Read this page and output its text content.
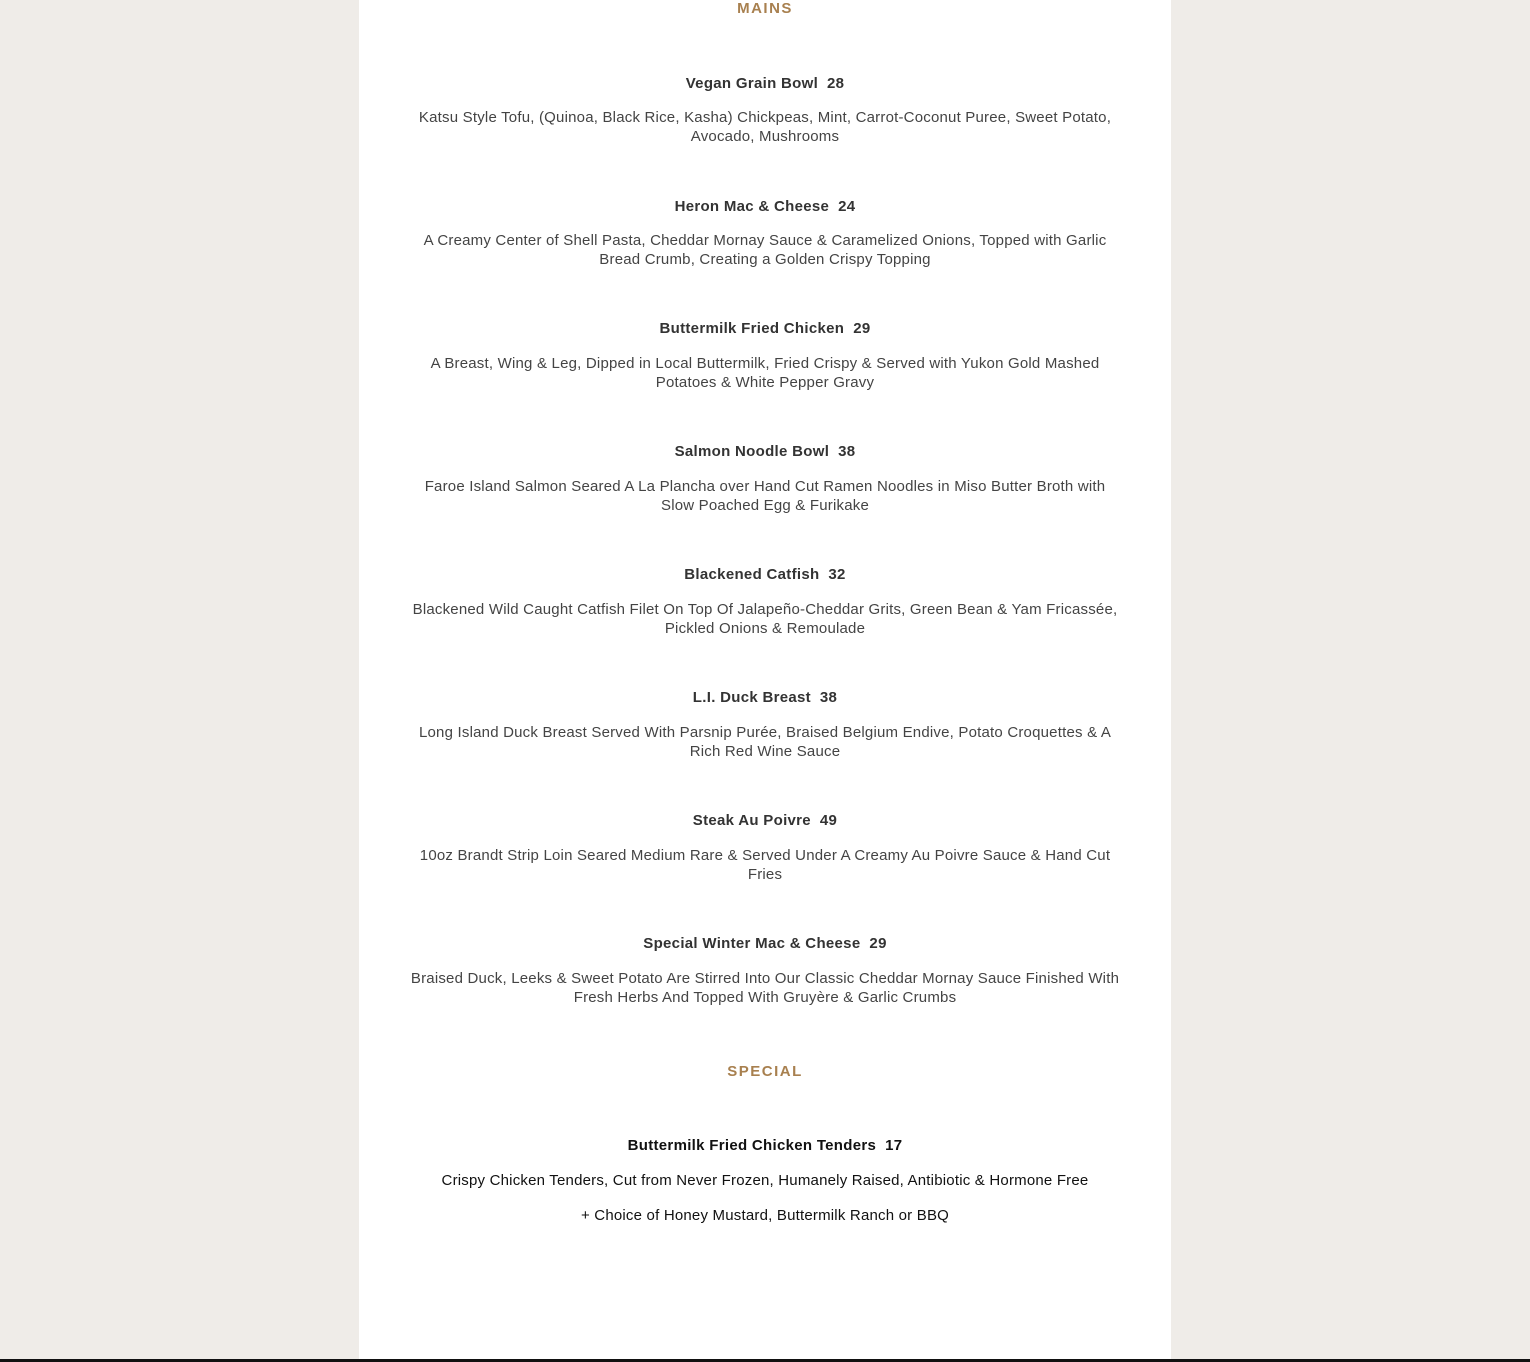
MAINS

Vegan Grain Bowl 28

Katsu Style Tofu, (Quinoa, Black Rice, Kasha) Chickpeas, Mint, Carrot-Coconut Puree, Sweet Potato, Avocado, Mushrooms

Heron Mac & Cheese 24

A Creamy Center of Shell Pasta, Cheddar Mornay Sauce & Caramelized Onions, Topped with Garlic Bread Crumb, Creating a Golden Crispy Topping

Buttermilk Fried Chicken 29

A Breast, Wing & Leg, Dipped in Local Buttermilk, Fried Crispy & Served with Yukon Gold Mashed Potatoes & White Pepper Gravy

Salmon Noodle Bowl 38

Faroe Island Salmon Seared A La Plancha over Hand Cut Ramen Noodles in Miso Butter Broth with Slow Poached Egg & Furikake

Blackened Catfish 32

Blackened Wild Caught Catfish Filet On Top Of Jalapeño-Cheddar Grits, Green Bean & Yam Fricassée, Pickled Onions & Remoulade

L.I. Duck Breast 38

Long Island Duck Breast Served With Parsnip Purée, Braised Belgium Endive, Potato Croquettes & A Rich Red Wine Sauce

Steak Au Poivre 49

10oz Brandt Strip Loin Seared Medium Rare & Served Under A Creamy Au Poivre Sauce & Hand Cut Fries

Special Winter Mac & Cheese 29

Braised Duck, Leeks & Sweet Potato Are Stirred Into Our Classic Cheddar Mornay Sauce Finished With Fresh Herbs And Topped With Gruyère & Garlic Crumbs

SPECIAL

Buttermilk Fried Chicken Tenders 17

Crispy Chicken Tenders, Cut from Never Frozen, Humanely Raised, Antibiotic & Hormone Free

+ Choice of Honey Mustard, Buttermilk Ranch or BBQ
